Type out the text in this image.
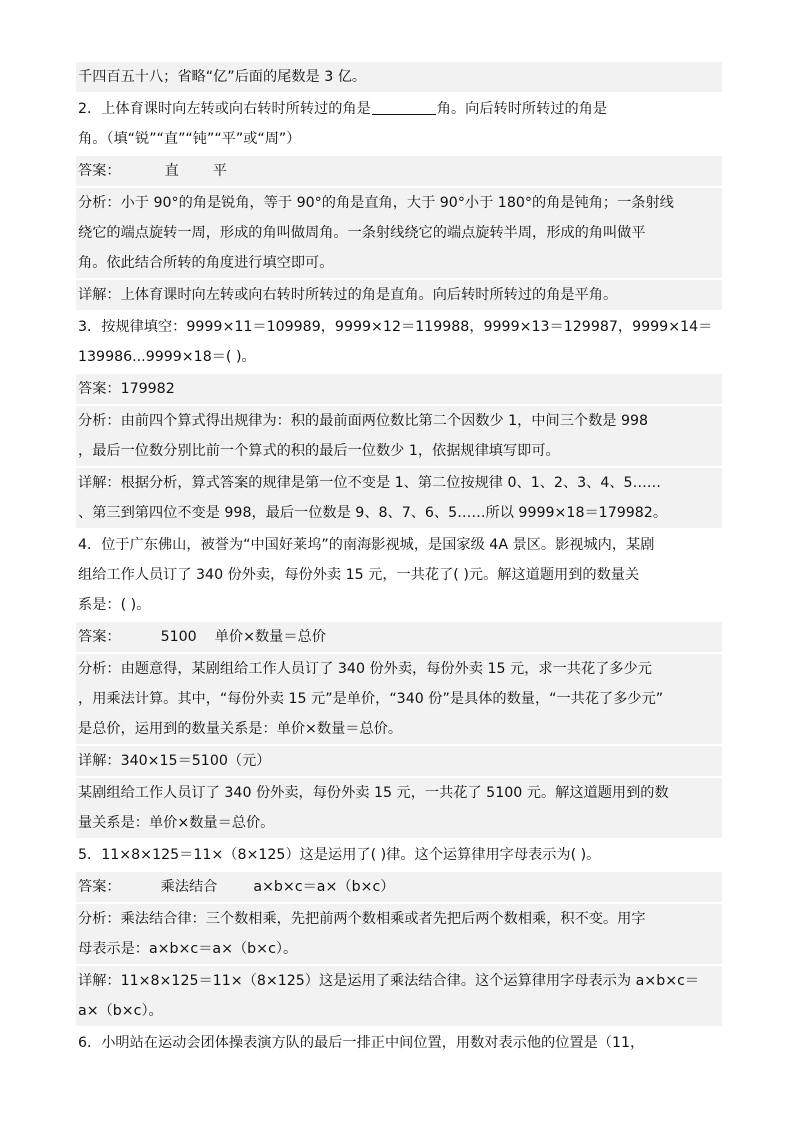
千四百五十八；省略“亿”后面的尾数是 3 亿。
2．上体育课时向左转或向右转时所转过的角是	角。向后转时所转过的角是
角。（填“锐”“直”“钝”“平”或“周”）
答案：	直 平
分析：小于 90°的角是锐角，等于 90°的角是直角，大于 90°小于 180°的角是钝角；一条射线
绕它的端点旋转一周，形成的角叫做周角。一条射线绕它的端点旋转半周，形成的角叫做平
角。依此结合所转的角度进行填空即可。
详解：上体育课时向左转或向右转时所转过的角是直角。向后转时所转过的角是平角。
3．按规律填空：9999×11＝109989，9999×12＝119988，9999×13＝129987，9999×14＝
139986...9999×18＝( )。
答案：179982
分析：由前四个算式得出规律为：积的最前面两位数比第二个因数少 1，中间三个数是 998
，最后一位数分别比前一个算式的积的最后一位数少 1，依据规律填写即可。
详解：根据分析，算式答案的规律是第一位不变是 1、第二位按规律 0、1、2、3、4、5……
、第三到第四位不变是 998，最后一位数是 9、8、7、6、5……所以 9999×18＝179982。
4．位于广东佛山，被誉为“中国好莱坞”的南海影视城，是国家级 4A 景区。影视城内，某剧
组给工作人员订了 340 份外卖，每份外卖 15 元，一共花了( )元。解这道题用到的数量关
系是：( )。
答案：	5100 单价×数量＝总价
分析：由题意得，某剧组给工作人员订了 340 份外卖，每份外卖 15 元，求一共花了多少元
，用乘法计算。其中，“每份外卖 15 元”是单价，“340 份”是具体的数量，“一共花了多少元”
是总价，运用到的数量关系是：单价×数量＝总价。
详解：340×15＝5100（元）
某剧组给工作人员订了 340 份外卖，每份外卖 15 元，一共花了 5100 元。解这道题用到的数
量关系是：单价×数量＝总价。
5．11×8×125＝11×（8×125）这是运用了( )律。这个运算律用字母表示为( )。
答案：	乘法结合	a×b×c＝a×（b×c）
分析：乘法结合律：三个数相乘，先把前两个数相乘或者先把后两个数相乘，积不变。用字
母表示是：a×b×c＝a×（b×c）。
详解：11×8×125＝11×（8×125）这是运用了乘法结合律。这个运算律用字母表示为 a×b×c＝
a×（b×c）。
6．小明站在运动会团体操表演方队的最后一排正中间位置，用数对表示他的位置是（11，
